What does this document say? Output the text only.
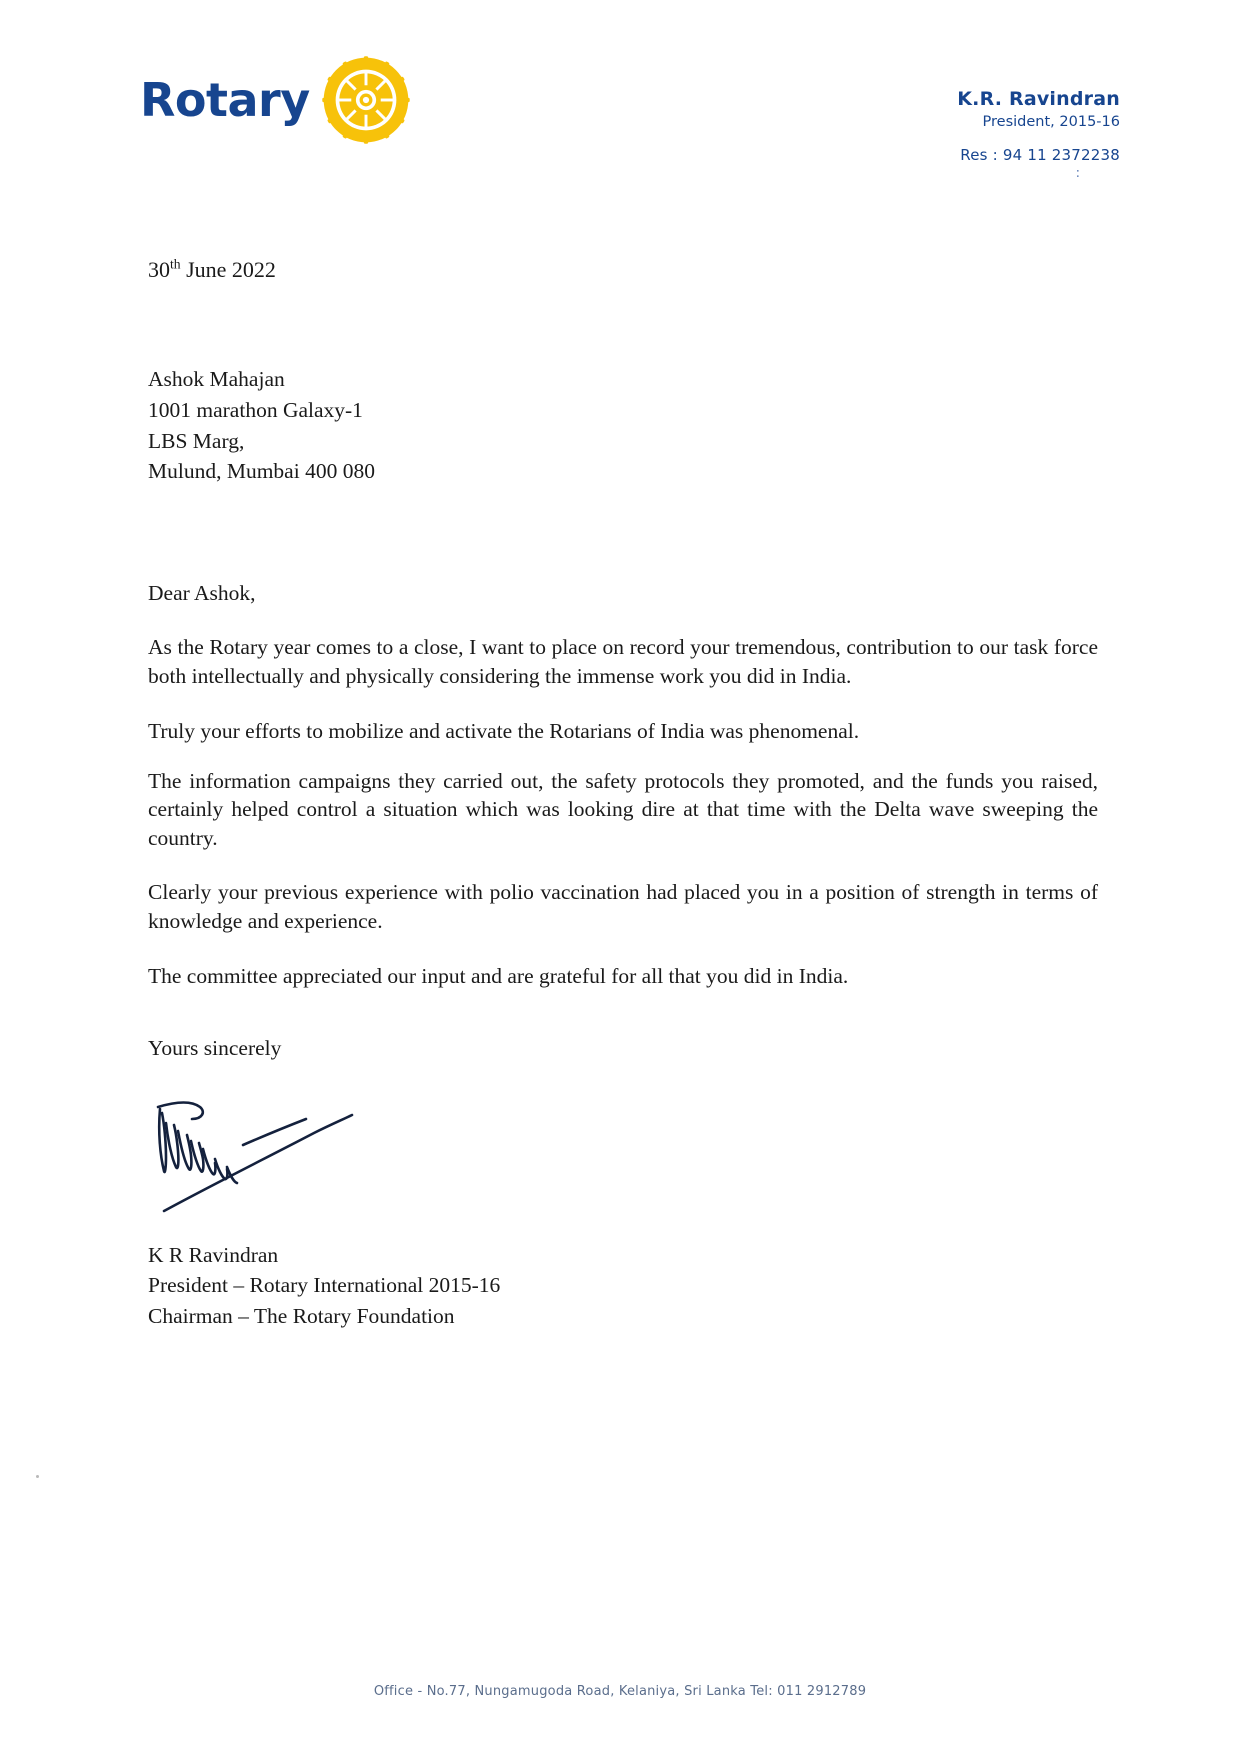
Rotary	K.R. Ravindran
President, 2015-16
Res : 94 11 2372238
:
30th June 2022
Ashok Mahajan
1001 marathon Galaxy-1
LBS Marg,
Mulund, Mumbai 400 080
Dear Ashok,

As the Rotary year comes to a close, I want to place on record your tremendous, contribution to our task force both intellectually and physically considering the immense work you did in India.

Truly your efforts to mobilize and activate the Rotarians of India was phenomenal.

The information campaigns they carried out, the safety protocols they promoted, and the funds you raised, certainly helped control a situation which was looking dire at that time with the Delta wave sweeping the country.

Clearly your previous experience with polio vaccination had placed you in a position of strength in terms of knowledge and experience.

The committee appreciated our input and are grateful for all that you did in India.

Yours sincerely
K R Ravindran
President – Rotary International 2015-16
Chairman – The Rotary Foundation
Office - No.77, Nungamugoda Road, Kelaniya, Sri Lanka Tel: 011 2912789
